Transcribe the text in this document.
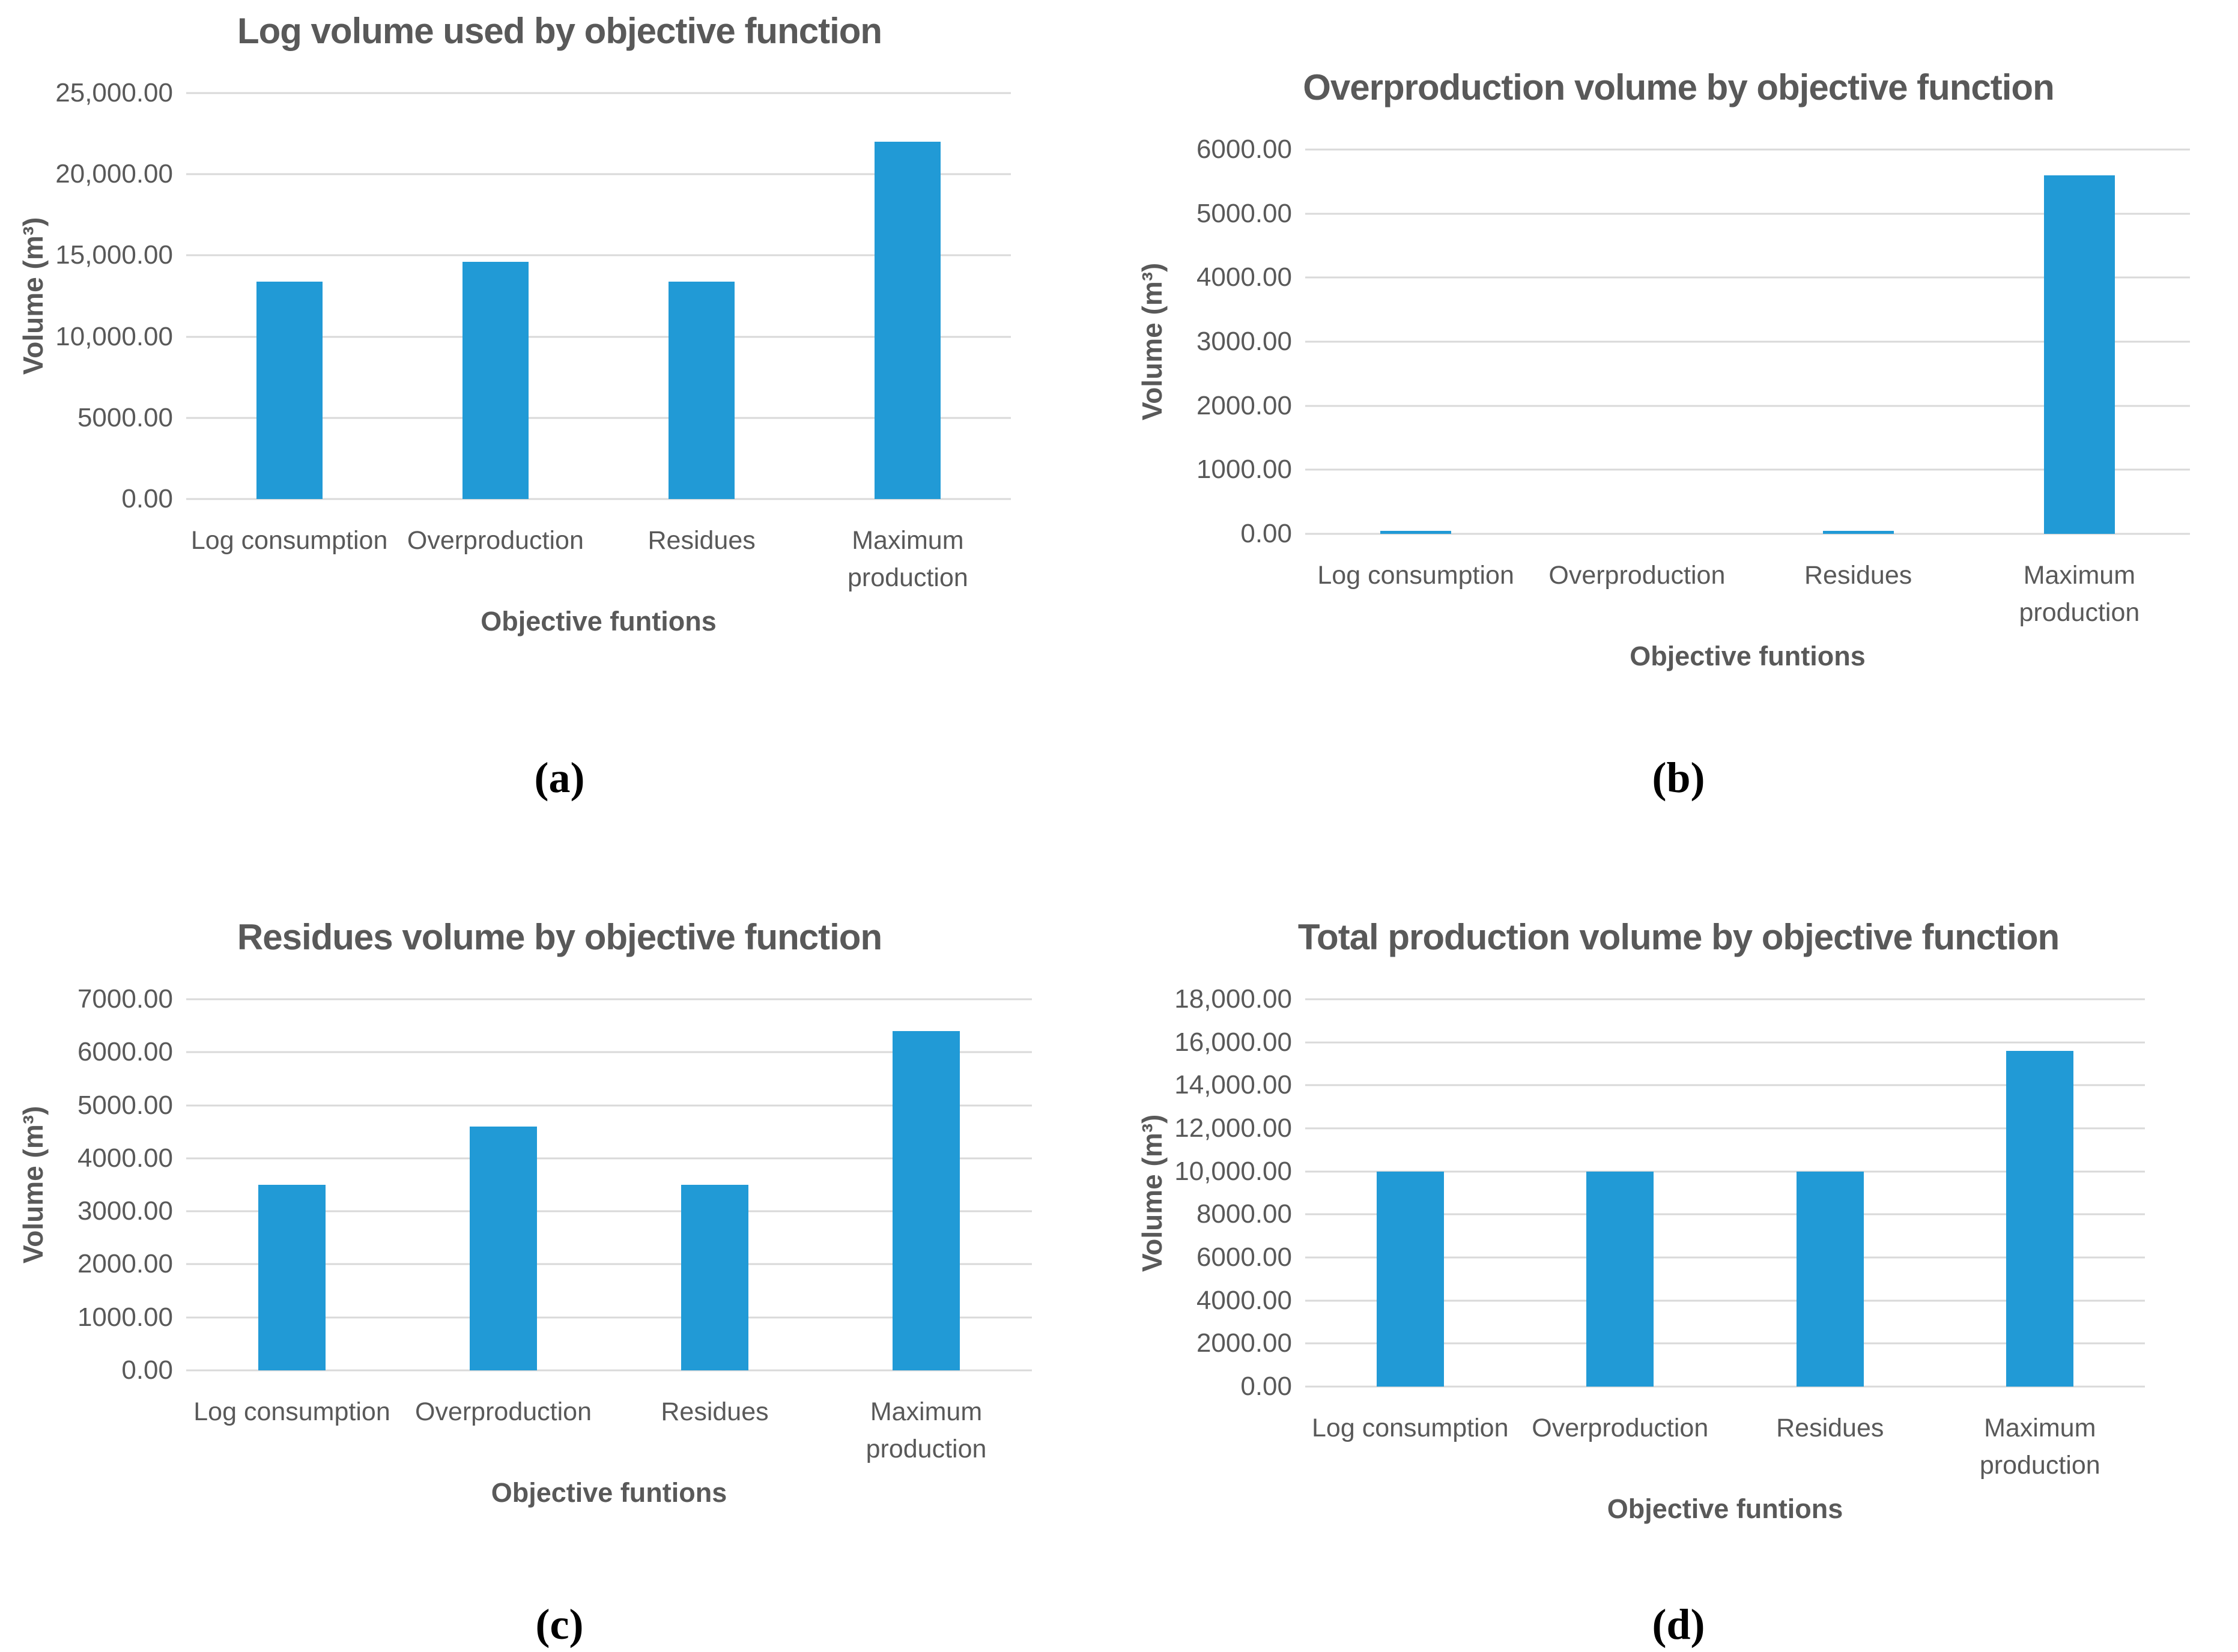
Log volume used by objective function
Volume (m³)
0.00
5000.00
10,000.00
15,000.00
20,000.00
25,000.00
Log consumption Overproduction Residues	Maximum production
Objective funtions
(a)
Overproduction volume by objective function
Volume (m³)
0.00
1000.00
2000.00
3000.00
4000.00
5000.00
6000.00
Log consumption Overproduction	Residues	Maximum production
Objective funtions
(b)
Residues volume by objective function
Volume (m³)
0.00
1000.00
2000.00
3000.00
4000.00
5000.00
6000.00
7000.00
Log consumption Overproduction	Residues	Maximum production
Objective funtions
(c)
Total production volume by objective function
Volume (m³)
0.00
2000.00
4000.00
6000.00
8000.00
10,000.00
12,000.00
14,000.00
16,000.00
18,000.00
Log consumption Overproduction	Residues	Maximum production
Objective funtions
(d)
